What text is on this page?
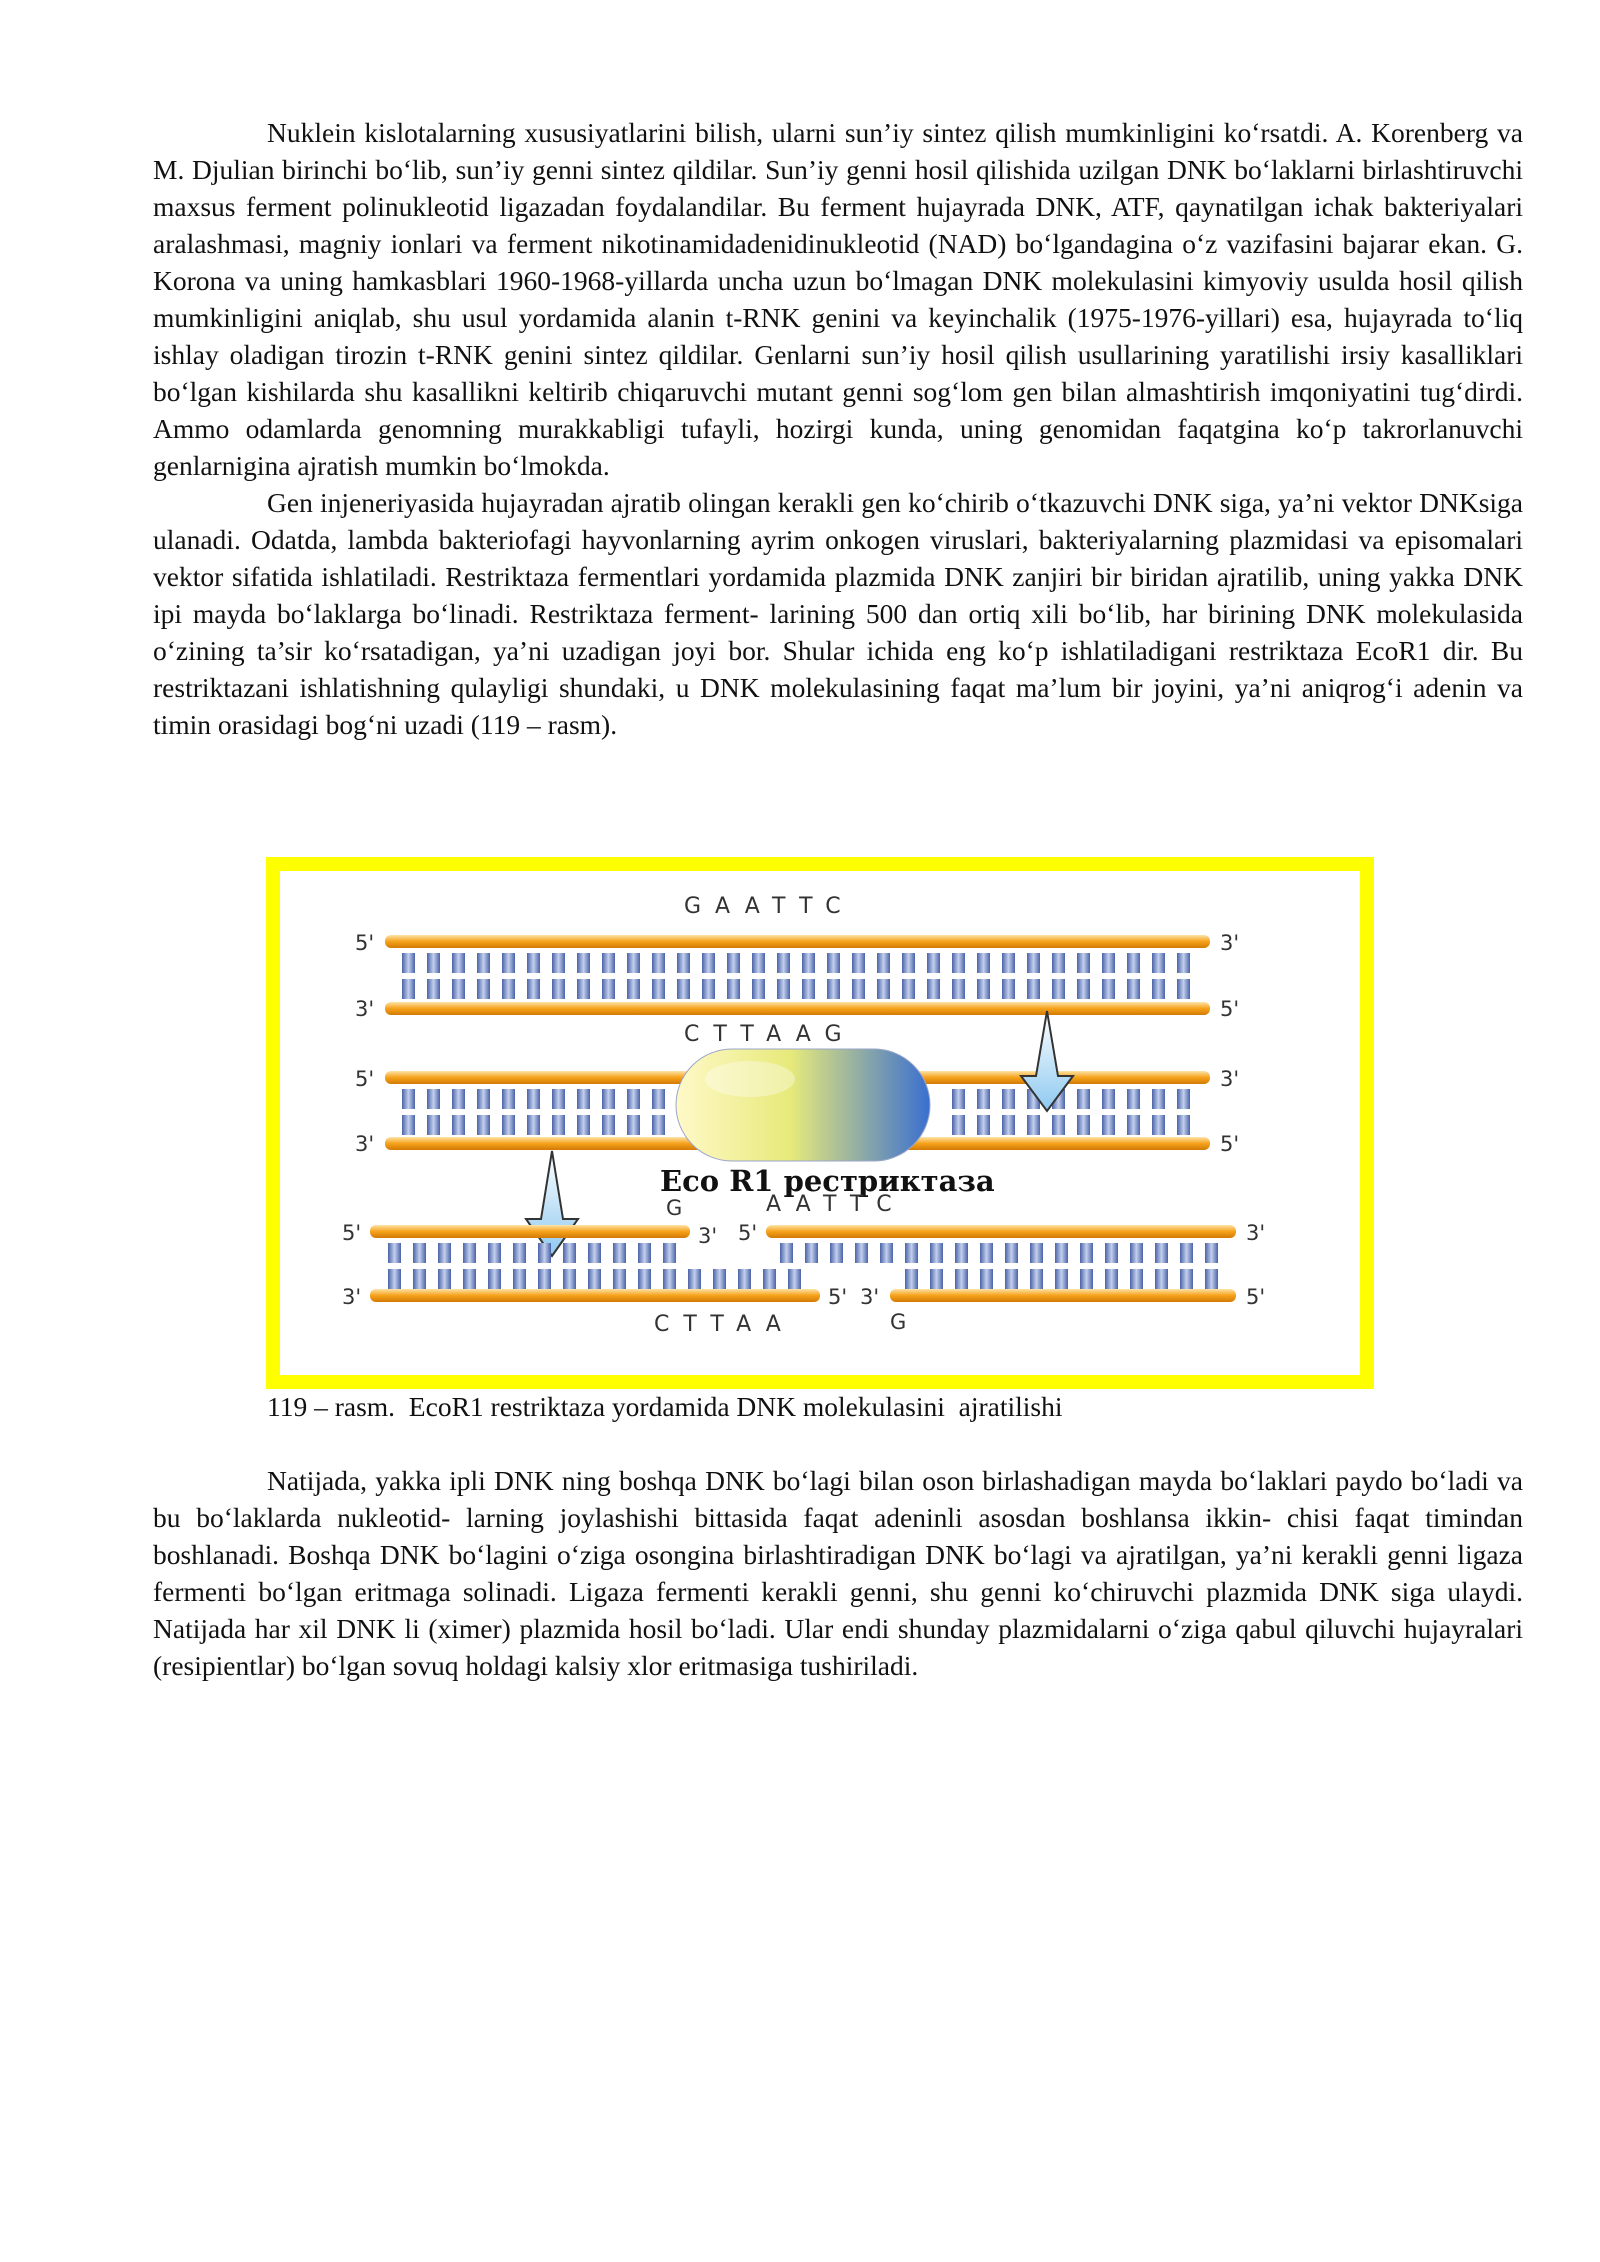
Nuklein kislotalarning xususiyatlarini bilish, ularni sun’iy sintez qilish mumkinligini koʻrsatdi. A. Korenberg va M. Djulian birinchi boʻlib, sun’iy genni sintez qildilar. Sun’iy genni hosil qilishida uzilgan DNK boʻlaklarni birlashtiruvchi maxsus ferment polinukleotid ligazadan foydalandilar. Bu ferment hujayrada DNK, ATF, qaynatilgan ichak bakteriyalari aralashmasi, magniy ionlari va ferment nikotinamidadenidinukleotid (NAD) boʻlgandagina oʻz vazifasini bajarar ekan. G. Korona va uning hamkasblari 1960-1968-yillarda uncha uzun boʻlmagan DNK molekulasini kimyoviy usulda hosil qilish mumkinligini aniqlab, shu usul yordamida alanin t-RNK genini va keyinchalik (1975-1976-yillari) esa, hujayrada toʻliq ishlay oladigan tirozin t-RNK genini sintez qildilar. Genlarni sun’iy hosil qilish usullarining yaratilishi irsiy kasalliklari boʻlgan kishilarda shu kasallikni keltirib chiqaruvchi mutant genni sogʻlom gen bilan almashtirish imqoniyatini tugʻdirdi. Ammo odamlarda genomning murakkabligi tufayli, hozirgi kunda, uning genomidan faqatgina koʻp takrorlanuvchi genlarnigina ajratish mumkin boʻlmokda.

Gen injeneriyasida hujayradan ajratib olingan kerakli gen koʻchirib oʻtkazuvchi DNK siga, ya’ni vektor DNKsiga ulanadi. Odatda, lambda bakteriofagi hayvonlarning ayrim onkogen viruslari, bakteriyalarning plazmidasi va episomalari vektor sifatida ishlatiladi. Restriktaza fermentlari yordamida plazmida DNK zanjiri bir biridan ajratilib, uning yakka DNK ipi mayda boʻlaklarga boʻlinadi. Restriktaza ferment- larining 500 dan ortiq xili boʻlib, har birining DNK molekulasida oʻzining ta’sir koʻrsatadigan, ya’ni uzadigan joyi bor. Shular ichida eng koʻp ishlatiladigani restriktaza EcoR1 dir. Bu restriktazani ishlatishning qulayligi shundaki, u DNK molekulasining faqat ma’lum bir joyini, ya’ni aniqrogʻi adenin va timin orasidagi bogʻni uzadi (119 – rasm).

GAATTC
5'	3'
3'	5'
CTTAAG
5'	3'
3'	5'
Eco R1 рестриктаза
5'
G
3'
3'	5'
CTTAA
AATTC
5'	3'
3'	5'
G
119 – rasm.  EcoR1 restriktaza yordamida DNK molekulasini  ajratilishi

Natijada, yakka ipli DNK ning boshqa DNK boʻlagi bilan oson birlashadigan mayda boʻlaklari paydo boʻladi va bu boʻlaklarda nukleotid- larning joylashishi bittasida faqat adeninli asosdan boshlansa ikkin- chisi faqat timindan boshlanadi. Boshqa DNK boʻlagini oʻziga osongina birlashtiradigan DNK boʻlagi va ajratilgan, ya’ni kerakli genni ligaza fermenti boʻlgan eritmaga solinadi. Ligaza fermenti kerakli genni, shu genni koʻchiruvchi plazmida DNK siga ulaydi. Natijada har xil DNK li (ximer) plazmida hosil boʻladi. Ular endi shunday plazmidalarni oʻziga qabul qiluvchi hujayralari (resipientlar) boʻlgan sovuq holdagi kalsiy xlor eritmasiga tushiriladi.
